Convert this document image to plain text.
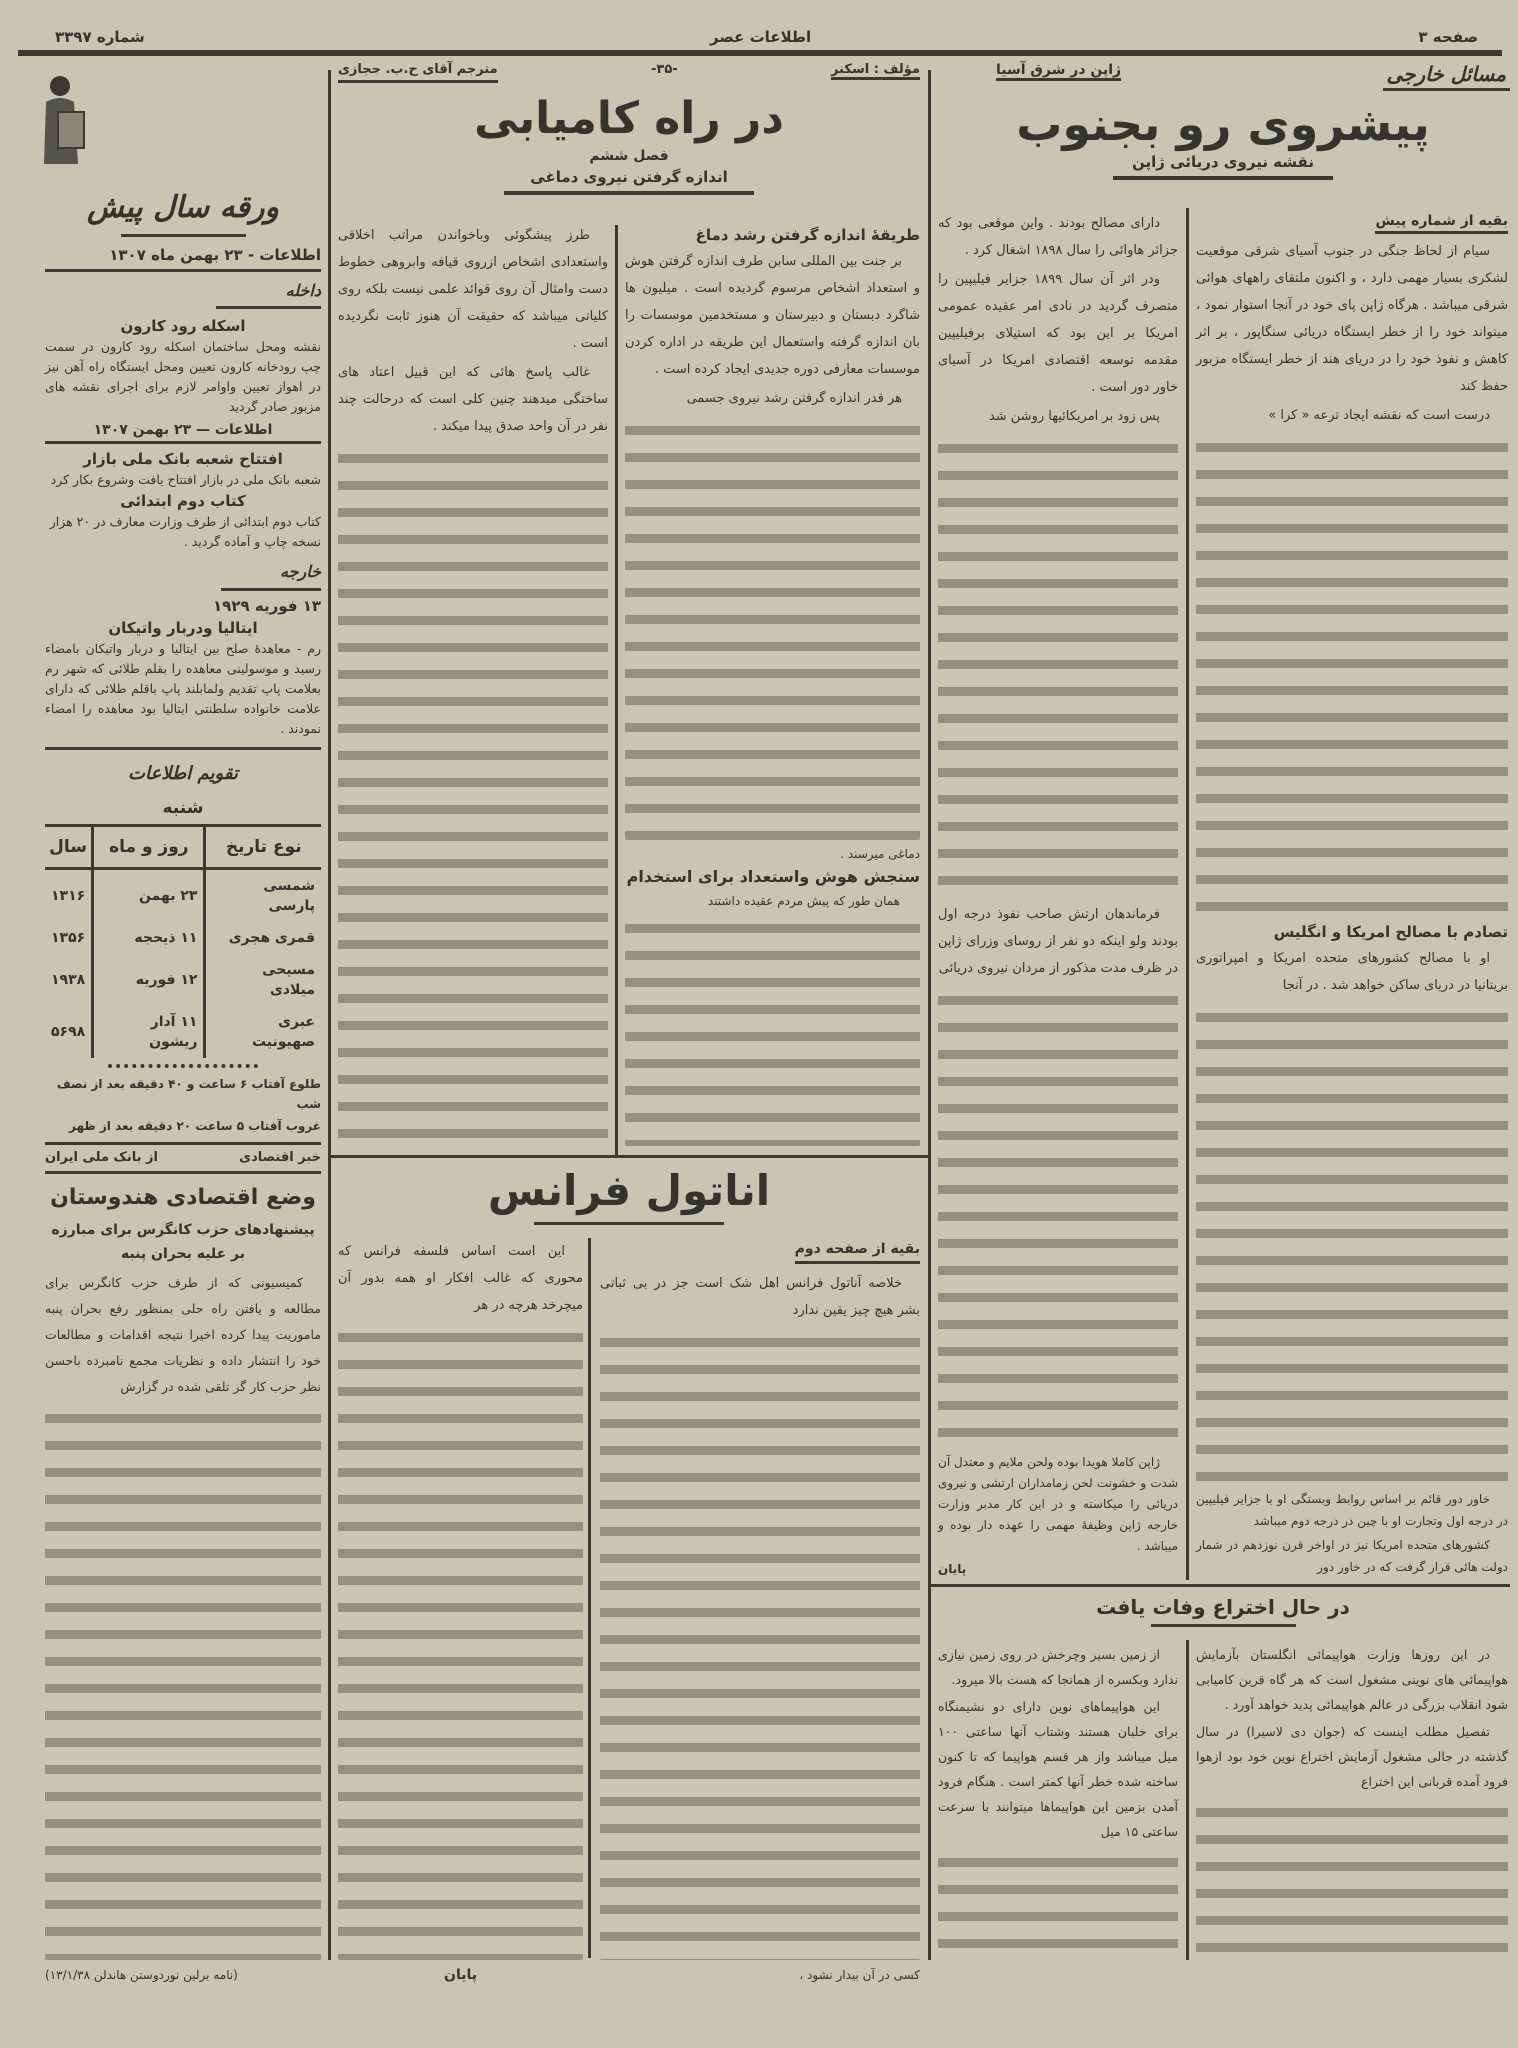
صفحه ۳
اطلاعات عصر
شماره ۳۳۹۷
مسائل خارجی
ژاپن در شرق آسیا
پیشروی رو بجنوب
نقشه نیروی دریائی ژاپن
بقیه از شماره پیش

سیام از لحاظ جنگی در جنوب آسیای شرقی موقعیت لشکری بسیار مهمی دارد ، و اکنون ملتقای راههای هوائی شرقی میباشد . هرگاه ژاپن پای خود در آنجا استوار نمود ، میتواند خود را از خطر ایستگاه دریائی سنگاپور ، بر اثر کاهش و نفوذ خود را در دریای هند از خطر ایستگاه مزبور حفظ کند

درست است که نقشه ایجاد ترعه « کرا »

تصادم با مصالح امریکا و انگلیس

او با مصالح کشورهای متحده امریکا و امپراتوری بریتانیا در دریای ساکن خواهد شد . در آنجا

خاور دور قائم بر اساس روابط وبستگی او با جزایر فیلیپین در درجه اول وتجارت او با چین در درجه دوم میباشد

کشورهای متحده امریکا نیز در اواخر قرن نوزدهم در شمار دولت هائی قرار گرفت که در خاور دور

دارای مصالح بودند . واین موقعی بود که جزائر هاوائی را سال ۱۸۹۸ اشغال کرد .

ودر اثر آن سال ۱۸۹۹ جزایر فیلیپین را متصرف گردید در نادی امر عقیده عمومی امریکا بر این بود که استیلای برفیلیپین مقدمه توسعه اقتصادی امریکا در آسیای خاور دور است .

پس زود بر امریکائیها روشن شد

فرماندهان ارتش صاحب نفوذ درجه اول بودند ولو اینکه دو نفر از روسای وزرای ژاپن در ظرف مدت مذکور از مردان نیروی دریائی

ژاپن کاملا هویدا بوده ولحن ملایم و معتدل آن شدت و خشونت لحن زمامداران ارتشی و نیروی دریائی را میکاسته و در این کار مدبر وزارت خارجه ژاپن وظیفهٔ مهمی را عهده دار بوده و میباشد .

پایان
در حال اختراع وفات یافت

در این روزها وزارت هواپیمائی انگلستان بآزمایش هواپیمائی های نوینی مشغول است که هر گاه قرین کامیابی شود انقلاب بزرگی در عالم هواپیمائی پدید خواهد آورد .

تفصیل مطلب اینست که (جوان دی لاسیرا) در سال گذشته در حالی مشغول آزمایش اختراع نوین خود بود ازهوا فرود آمده قربانی این اختراع

از زمین بسیر وچرخش در روی زمین نیازی ندارد وبکسره از همانجا که هست بالا میرود.

این هواپیماهای نوین دارای دو نشیمنگاه برای خلبان هستند وشتاب آنها ساعتی ۱۰۰ میل میباشد واز هر قسم هواپیما که تا کنون ساخته شده خطر آنها کمتر است . هنگام فرود آمدن بزمین این هواپیماها میتوانند با سرعت ساعتی ۱۵ میل

مؤلف : اسکنر
-۳۵-
مترجم آقای ح.ب. حجازی
در راه کامیابی
فصل ششم
اندازه گرفتن نیروی دماغی
طریقهٔ اندازه گرفتن رشد دماغ

بر جنت بین المللی سابن طرف اندازه گرفتن هوش و استعداد اشخاص مرسوم گردیده است . میلیون ها شاگرد دبستان و دبیرستان و مستخدمین موسسات را بان اندازه گرفته واستعمال این طریقه در اداره کردن موسسات معارفی دوره جدیدی ایجاد کرده است .

هر قدر اندازه گرفتن رشد نیروی جسمی

دماغی میرسند .
سنجش هوش واستعداد برای استخدام
همان طور که پیش مردم عقیده داشتند

طرز پیشگوئی وباخواندن مراتب اخلاقی واستعدادی اشخاص ازروی قیافه وابروهی خطوط دست وامثال آن روی قوائد علمی نیست بلکه روی کلیاتی میباشد که حقیقت آن هنوز ثابت نگردیده است .

غالب پاسخ هائی که این قبیل اعتاد های ساختگی میدهند چنین کلی است که درحالت چند نفر در آن واحد صدق پیدا میکند .

اناتول فرانس
بقیه از صفحه دوم

خلاصه آناتول فرانس اهل شک است جز در بی ثباتی بشر هیچ چیز یقین ندارد

کسی در آن بیدار نشود ،

این است اساس فلسفه فرانس که محوری که غالب افکار او همه بدور آن میچرخد هرچه در هر

پایان
ورقه سال پیش
اطلاعات - ۲۳ بهمن ماه ۱۳۰۷
داخله
اسکله رود کارون
نقشه ومحل ساختمان اسکله رود کارون در سمت چپ رودخانه کارون تعیین ومحل ایستگاه راه آهن نیز در اهواز تعیین واوامر لازم برای اجرای نقشه های مزبور صادر گردید
اطلاعات — ۲۳ بهمن ۱۳۰۷
افتتاح شعبه بانک ملی بازار
شعبه بانک ملی در بازار افتتاح یافت وشروع بکار کرد
کتاب دوم ابتدائی
کتاب دوم ابتدائی از طرف وزارت معارف در ۲۰ هزار نسخه چاپ و آماده گردید .
خارجه
۱۳ فوریه ۱۹۲۹
ایتالیا ودربار واتیکان
رم - معاهدهٔ صلح بین ایتالیا و دربار واتیکان بامضاء رسید و موسولینی معاهده را بقلم طلائی که شهر رم بعلامت پاپ تقدیم ولمابلند پاپ باقلم طلائی که دارای علامت خانواده سلطنتی ایتالیا بود معاهده را امضاء نمودند .
تقویم اطلاعات
شنبه
نوع تاریخ	روز و ماه	سال
شمسی پارسی	۲۳ بهمن	۱۳۱۶
قمری هجری	۱۱ ذیحجه	۱۳۵۶
مسیحی میلادی	۱۲ فوریه	۱۹۳۸
عبری صهیونیت	۱۱ آدار ریشون	۵۶۹۸
طلوع آفتاب ۶ ساعت و ۴۰ دقیقه بعد از نصف شب
غروب آفتاب ۵ ساعت ۲۰ دقیقه بعد از ظهر
خبر اقتصادی
از بانک ملی ایران
وضع اقتصادی هندوستان
پیشنهادهای حزب کانگرس برای مبارزه بر علیه بحران پنبه

کمیسیونی که از طرف حزب کانگرس برای مطالعه و یافتن راه حلی بمنظور رفع بحران پنبه ماموریت پیدا کرده اخیرا نتیجه اقدامات و مطالعات خود را انتشار داده و نظریات مجمع نامبرده باحسن نظر حزب کار گر تلقی شده در گزارش

(نامه برلین نوردوستن هاندلن ۱۳/۱/۳۸)
